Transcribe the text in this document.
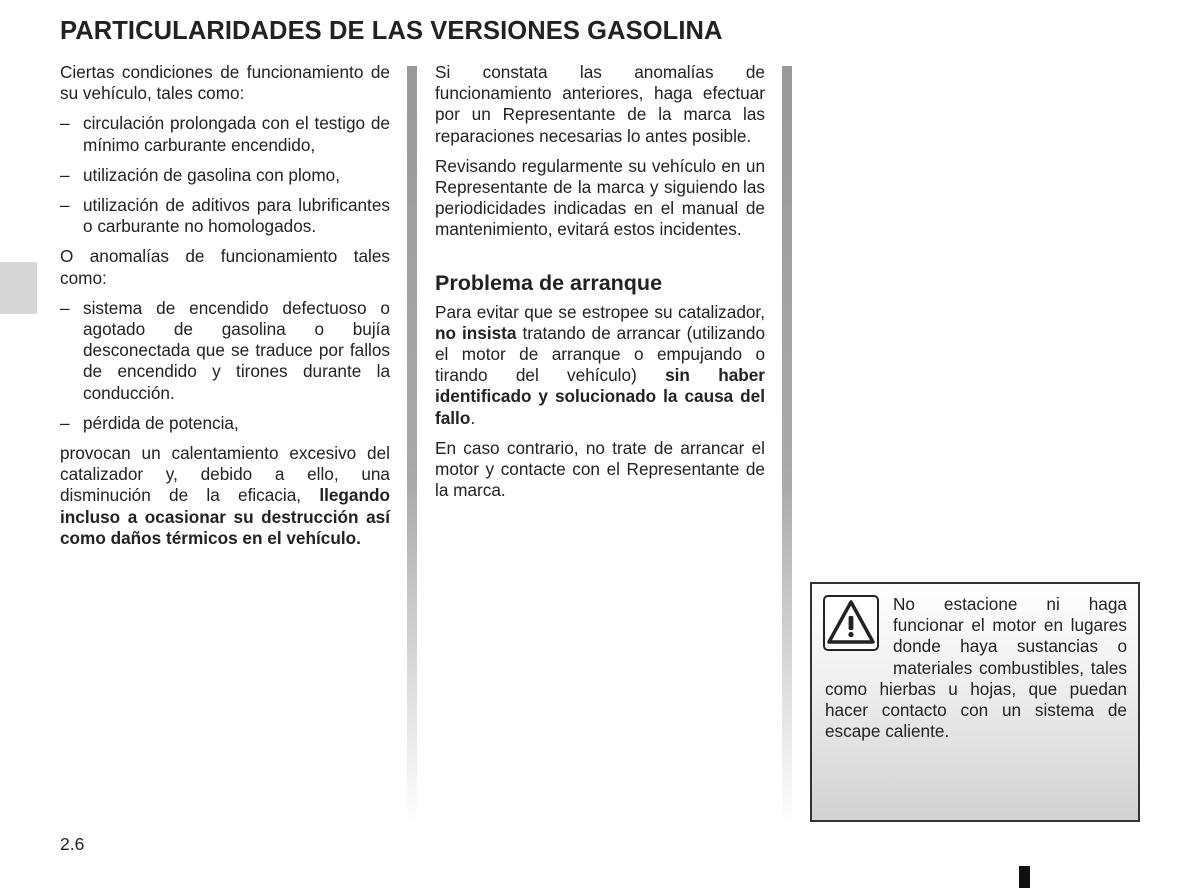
PARTICULARIDADES DE LAS VERSIONES GASOLINA

Ciertas condiciones de funcionamiento de su vehículo, tales como:

– circulación prolongada con el testigo de mínimo carburante encendido,
– utilización de gasolina con plomo,
– utilización de aditivos para lubrificantes o carburante no homologados.

O anomalías de funcionamiento tales como:

– sistema de encendido defectuoso o agotado de gasolina o bujía desconectada que se traduce por fallos de encendido y tirones durante la conducción.
– pérdida de potencia,

provocan un calentamiento excesivo del catalizador y, debido a ello, una disminución de la eficacia, llegando incluso a ocasionar su destrucción así como daños térmicos en el vehículo.

Si constata las anomalías de funcionamiento anteriores, haga efectuar por un Representante de la marca las reparaciones necesarias lo antes posible.

Revisando regularmente su vehículo en un Representante de la marca y siguiendo las periodicidades indicadas en el manual de mantenimiento, evitará estos incidentes.

Problema de arranque

Para evitar que se estropee su catalizador, no insista tratando de arrancar (utilizando el motor de arranque o empujando o tirando del vehículo) sin haber identificado y solucionado la causa del fallo.

En caso contrario, no trate de arrancar el motor y contacte con el Representante de la marca.

No estacione ni haga funcionar el motor en lugares donde haya sustancias o materiales combustibles, tales como hierbas u hojas, que puedan hacer contacto con un sistema de escape caliente.
2.6
